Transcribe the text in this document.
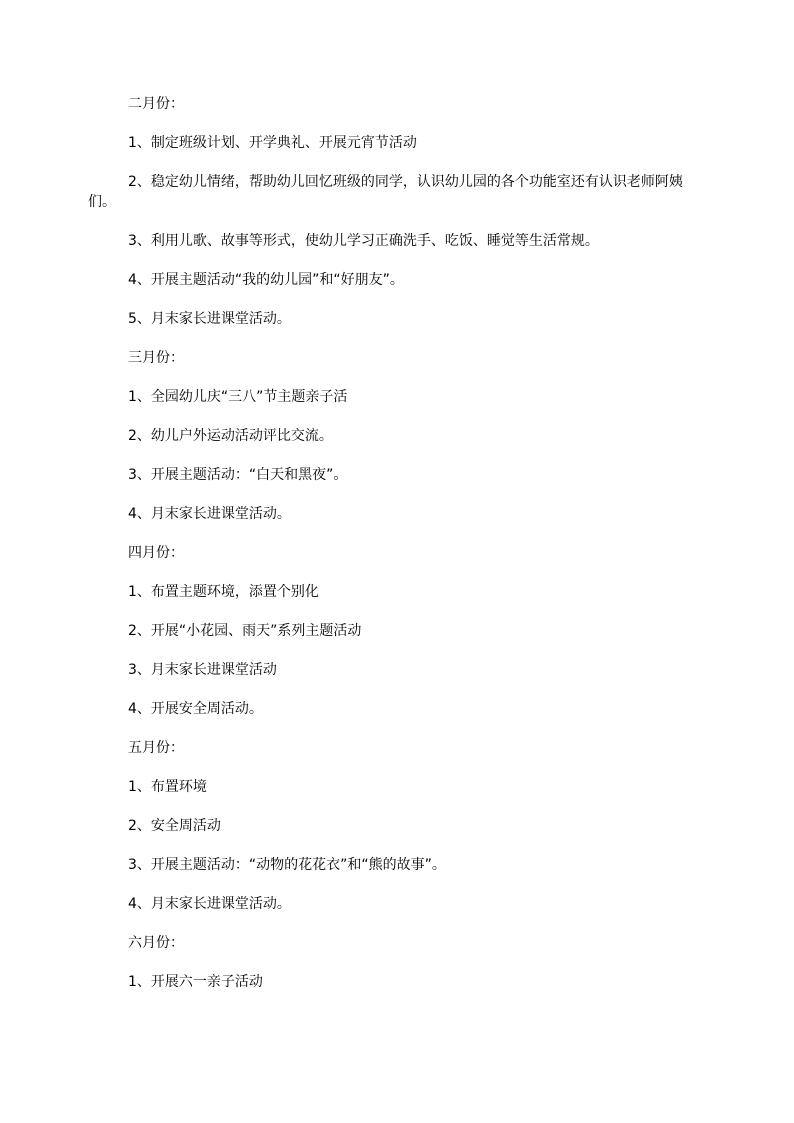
二月份：

1、制定班级计划、开学典礼、开展元宵节活动

2、稳定幼儿情绪，帮助幼儿回忆班级的同学，认识幼儿园的各个功能室还有认识老师阿姨们。

3、利用儿歌、故事等形式，使幼儿学习正确洗手、吃饭、睡觉等生活常规。

4、开展主题活动“我的幼儿园”和“好朋友”。

5、月末家长进课堂活动。

三月份：

1、全园幼儿庆“三八”节主题亲子活

2、幼儿户外运动活动评比交流。

3、开展主题活动：“白天和黑夜”。

4、月末家长进课堂活动。

四月份：

1、布置主题环境，添置个别化

2、开展“小花园、雨天”系列主题活动

3、月末家长进课堂活动

4、开展安全周活动。

五月份：

1、布置环境

2、安全周活动

3、开展主题活动：“动物的花花衣”和“熊的故事”。

4、月末家长进课堂活动。

六月份：

1、开展六一亲子活动
